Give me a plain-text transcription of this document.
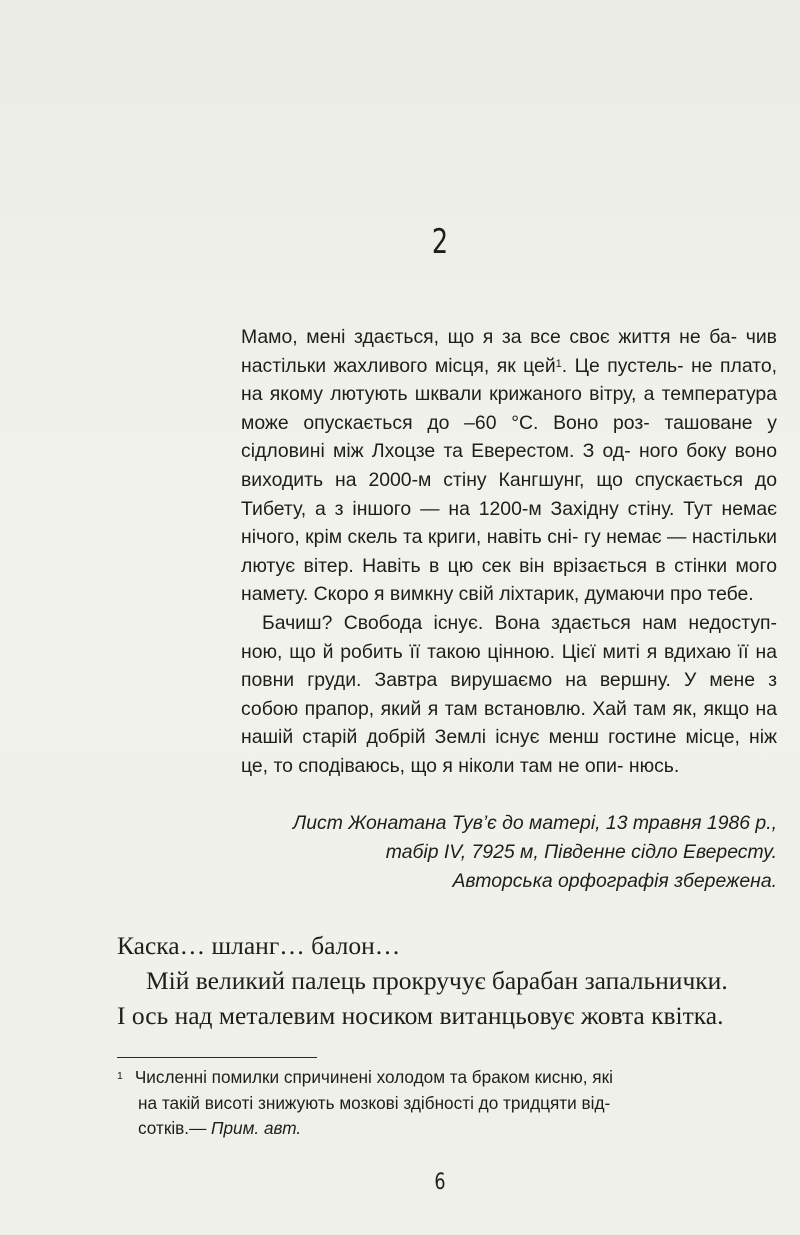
2

Мамо, мені здається, що я за все своє життя не ба- чив настільки жахливого місця, як цей$^1$. Це пустель- не плато, на якому лютують шквали крижаного вітру, а температура може опускається до –60 °С. Воно роз- ташоване у сідловині між Лхоцзе та Еверестом. З од- ного боку воно виходить на 2000-м стіну Кангшунг, що спускається до Тибету, а з іншого — на 1200-м Західну стіну. Тут немає нічого, крім скель та криги, навіть сні- гу немає — настільки лютує вітер. Навіть в цю сек він врізається в стінки мого намету. Скоро я вимкну свій ліхтарик, думаючи про тебе.

Бачиш? Свобода існує. Вона здається нам недоступ- ною, що й робить її такою цінною. Цієї миті я вдихаю її на повни груди. Завтра вирушаємо на вершну. У мене з собою прапор, який я там встановлю. Хай там як, якщо на нашій старій добрій Землі існує менш гостине місце, ніж це, то сподіваюсь, що я ніколи там не опи- нюсь.

Лист Жонатана Тув’є до матері, 13 травня 1986 р.,
табір IV, 7925 м, Південне сідло Евересту.
Авторська орфографія збережена.

Каска… шланг… балон…

Мій великий палець прокручує барабан запальнички.

І ось над металевим носиком витанцьовує жовта квітка.

$^1$ Численні помилки спричинені холодом та браком кисню, які
на такій висоті знижують мозкові здібності до тридцяти від-
сотків.— Прим. авт.
6
